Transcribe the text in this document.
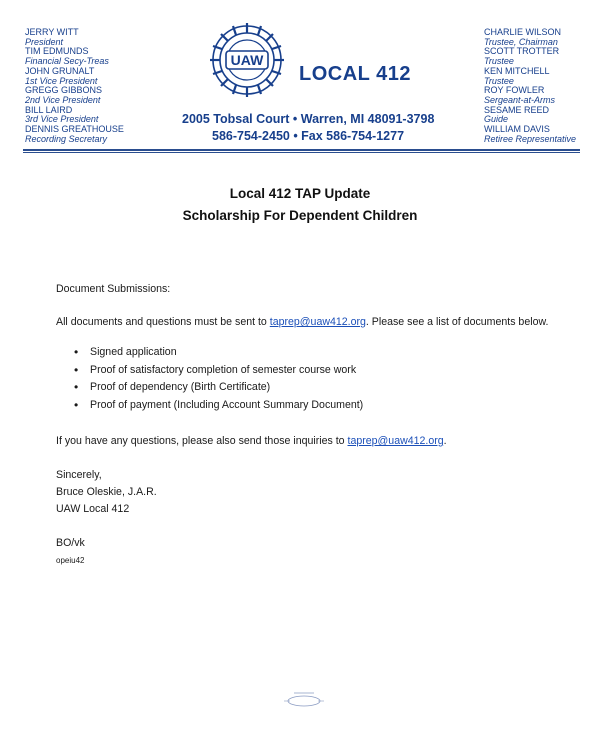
JERRY WITT
President
TIM EDMUNDS
Financial Secy-Treas
JOHN GRUNALT
1st Vice President
GREGG GIBBONS
2nd Vice President
BILL LAIRD
3rd Vice President
DENNIS GREATHOUSE
Recording Secretary
UAW
LOCAL 412
2005 Tobsal Court • Warren, MI 48091-3798
586-754-2450 • Fax 586-754-1277
CHARLIE WILSON
Trustee, Chairman
SCOTT TROTTER
Trustee
KEN MITCHELL
Trustee
ROY FOWLER
Sergeant-at-Arms
SESAME REED
Guide
WILLIAM DAVIS
Retiree Representative
Local 412 TAP Update
Scholarship For Dependent Children
Document Submissions:
All documents and questions must be sent to taprep@uaw412.org. Please see a list of documents below.
• Signed application
• Proof of satisfactory completion of semester course work
• Proof of dependency (Birth Certificate)
• Proof of payment (Including Account Summary Document)
If you have any questions, please also send those inquiries to taprep@uaw412.org.
Sincerely,
Bruce Oleskie, J.A.R.
UAW Local 412
BO/vk
opeiu42
